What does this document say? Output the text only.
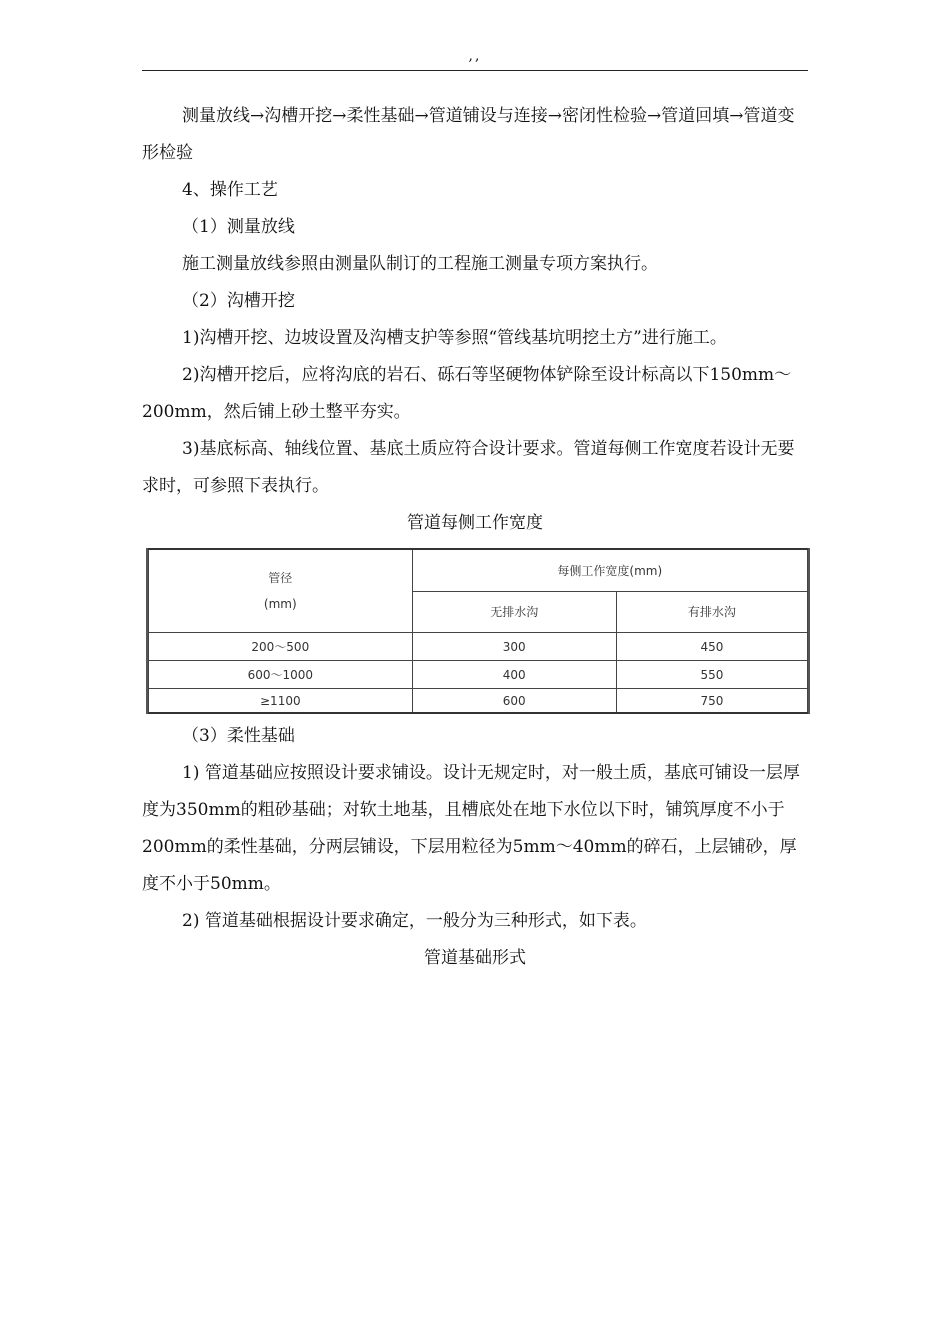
,,

测量放线→沟槽开挖→柔性基础→管道铺设与连接→密闭性检验→管道回填→管道变形检验

4、操作工艺

（1）测量放线

施工测量放线参照由测量队制订的工程施工测量专项方案执行。

（2）沟槽开挖

1)沟槽开挖、边坡设置及沟槽支护等参照“管线基坑明挖土方”进行施工。

2)沟槽开挖后，应将沟底的岩石、砾石等坚硬物体铲除至设计标高以下150mm～200mm，然后铺上砂土整平夯实。

3)基底标高、轴线位置、基底土质应符合设计要求。管道每侧工作宽度若设计无要求时，可参照下表执行。

管道每侧工作宽度

管径
(mm)	每侧工作宽度(mm)	
	无排水沟	有排水沟
200～500	300	450
600～1000	400	550
≥1100	600	750

（3）柔性基础

1) 管道基础应按照设计要求铺设。设计无规定时，对一般土质，基底可铺设一层厚度为350mm的粗砂基础；对软土地基，且槽底处在地下水位以下时，铺筑厚度不小于200mm的柔性基础，分两层铺设，下层用粒径为5mm～40mm的碎石，上层铺砂，厚度不小于50mm。

2) 管道基础根据设计要求确定，一般分为三种形式，如下表。

管道基础形式
